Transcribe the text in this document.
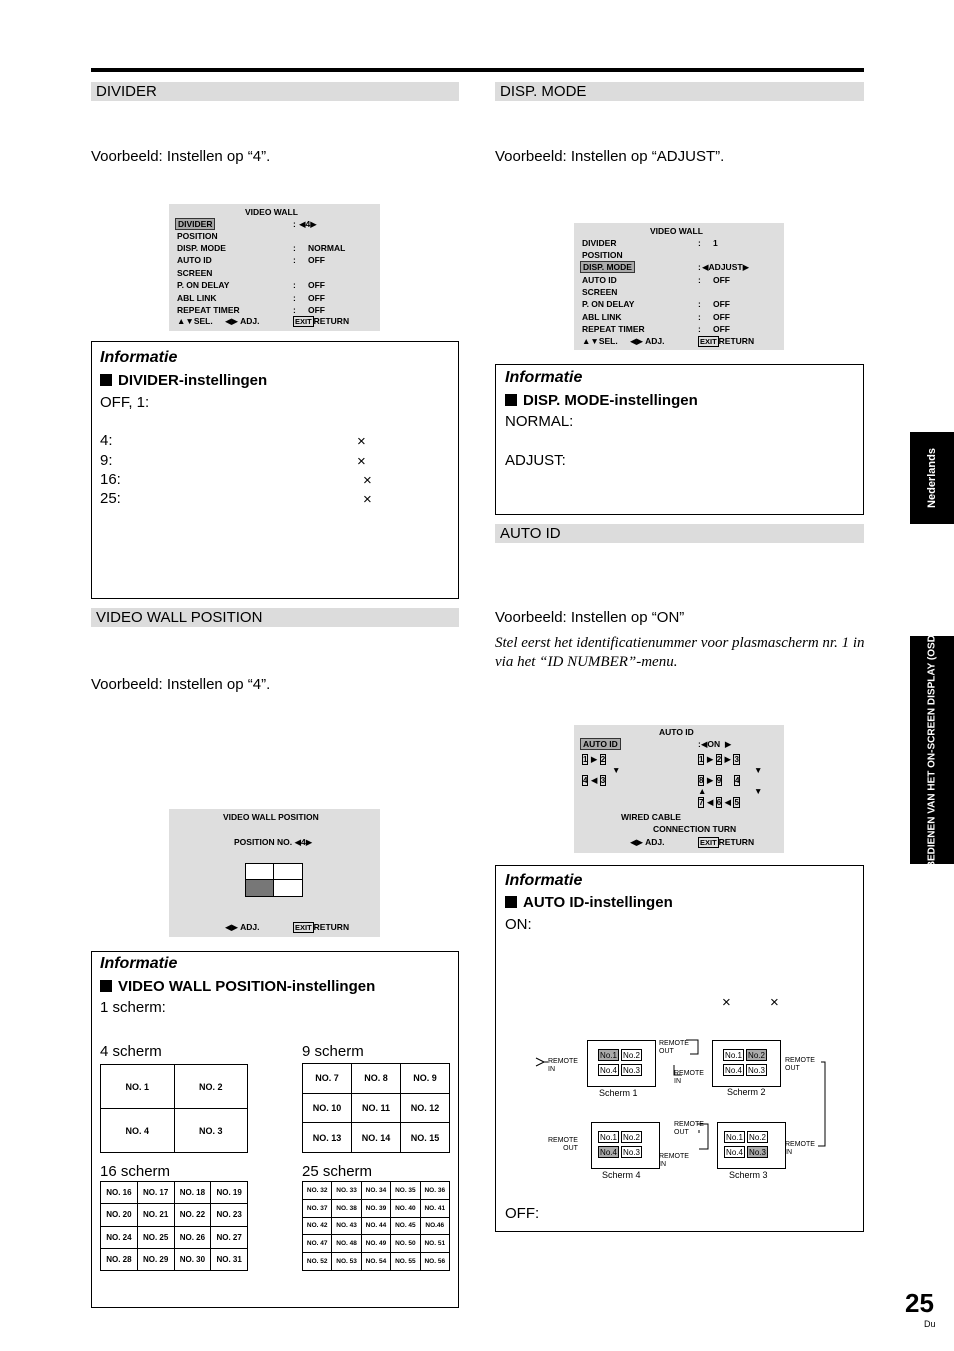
DIVIDER	DISP. MODE
VIDEO WALL POSITION
AUTO ID
Voorbeeld: Instellen op “4”.	Voorbeeld: Instellen op “ADJUST”.
Voorbeeld: Instellen op “4”.
Voorbeeld: Instellen op “ON”
Stel eerst het identificatienummer voor plasmascherm nr. 1 in via het “ID NUMBER”-menu.
VIDEO WALL
DIVIDER	: ◀4▶
POSITION
DISP. MODE	: NORMAL
AUTO ID	: OFF
SCREEN
P. ON DELAY	: OFF
ABL LINK	: OFF
REPEAT TIMER	: OFF
▲▼SEL. ◀▶ ADJ.	EXIT RETURN
VIDEO WALL
DIVIDER	: 1
POSITION
DISP. MODE	: ◀ADJUST▶
AUTO ID	: OFF
SCREEN
P. ON DELAY	: OFF
ABL LINK	: OFF
REPEAT TIMER	: OFF
▲▼SEL. ◀▶ ADJ.	EXIT RETURN
VIDEO WALL POSITION
POSITION NO. ◀4▶
◀▶ ADJ.	EXIT RETURN
AUTO ID
AUTO ID	:◀ON  ▶
1 ▶ 2
▼
4 ◀ 3
1 ▶ 2 ▶ 3
▼
8 ▶ 9 4
▲	▼
7 ◀ 6 ◀ 5
WIRED CABLE
CONNECTION TURN
◀▶ ADJ.	EXIT RETURN
Informatie
DIVIDER-instellingen
OFF, 1:
4:	×
9:	×
16:	×
25:	×
Informatie
DISP. MODE-instellingen
NORMAL:
ADJUST:
Informatie
VIDEO WALL POSITION-instellingen
1 scherm:
4 scherm	9 scherm
16 scherm	25 scherm
NO. 1	NO. 2
NO. 4	NO. 3
NO. 7	NO. 8	NO. 9
NO. 10	NO. 11	NO. 12
NO. 13	NO. 14	NO. 15
NO. 16	NO. 17	NO. 18	NO. 19
NO. 20	NO. 21	NO. 22	NO. 23
NO. 24	NO. 25	NO. 26	NO. 27
NO. 28	NO. 29	NO. 30	NO. 31
NO. 32	NO. 33	NO. 34	NO. 35	NO. 36
NO. 37	NO. 38	NO. 39	NO. 40	NO. 41
NO. 42	NO. 43	NO. 44	NO. 45	NO.46
NO. 47	NO. 48	NO. 49	NO. 50	NO. 51
NO. 52	NO. 53	NO. 54	NO. 55	NO. 56
Informatie
AUTO ID-instellingen
ON:
×	×
OFF:
No.1 No.2
No.4 No.3
No.1 No.2
No.4 No.3
No.1 No.2
No.4 No.3
No.1 No.2
No.4 No.3
REMOTE
IN
REMOTE
OUT
REMOTE
IN
REMOTE
OUT
REMOTE
OUT
REMOTE
OUT
REMOTE
IN
REMOTE
IN
Scherm 1	Scherm 2
Scherm 4	Scherm 3
Nederlands
BEDIENEN VAN HET ON-SCREEN DISPLAY (OSD)
25
Du
